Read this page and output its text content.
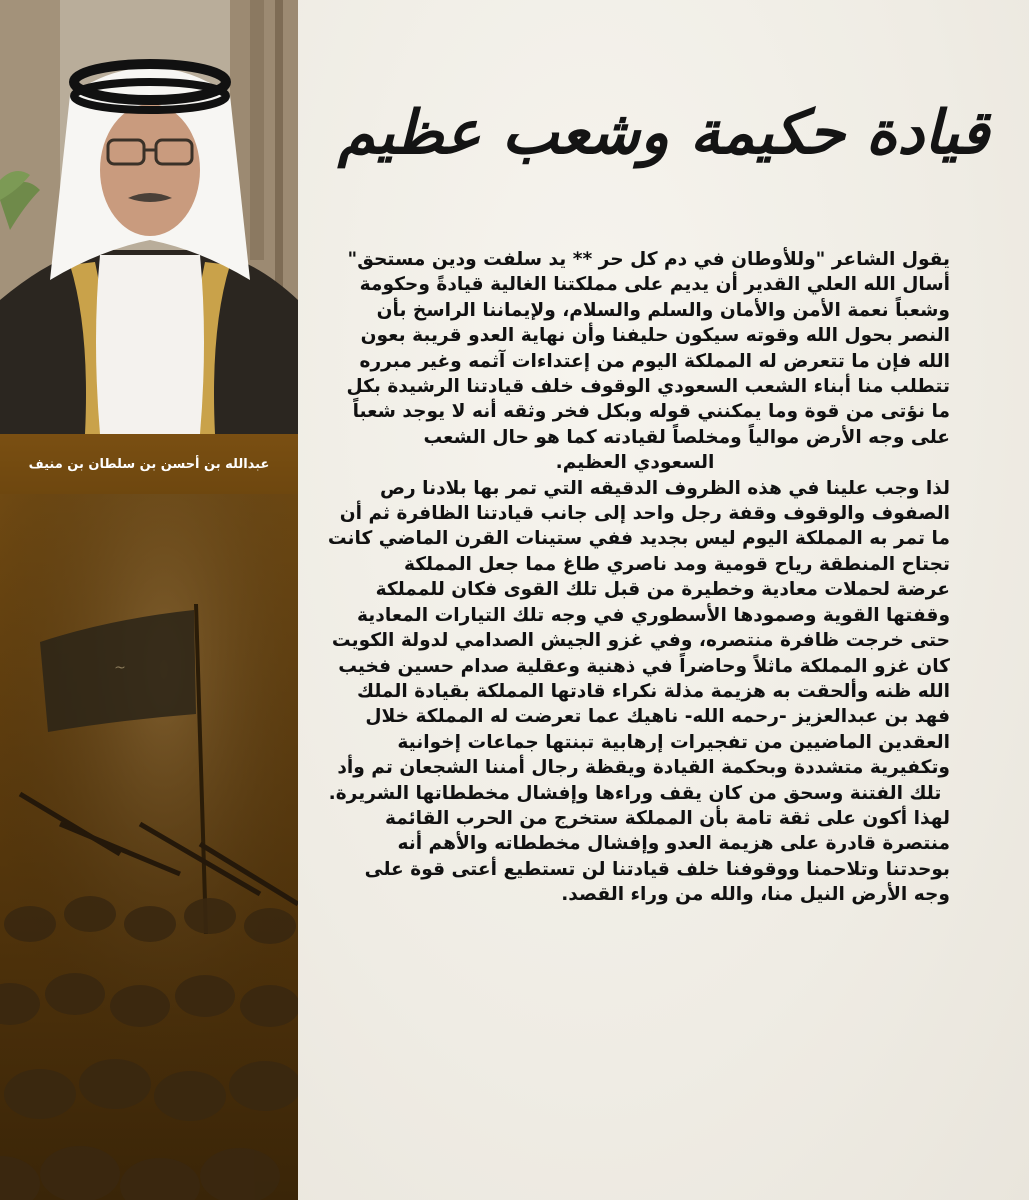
عبدالله بن أحسن بن سلطان بن منيف
~
قيادة حكيمة وشعب عظيم
يقول الشاعر "وللأوطان في دم كل حر ** يد سلفت ودين مستحق"
أسال الله العلي القدير أن يديم على مملكتنا الغالية قيادةً وحكومة
وشعباً نعمة الأمن والأمان والسلم والسلام، ولإيماننا الراسخ بأن
النصر بحول الله وقوته سيكون حليفنا وأن نهاية العدو قريبة بعون
الله فإن ما تتعرض له المملكة اليوم من إعتداءات آثمه وغير مبرره
تتطلب منا أبناء الشعب السعودي الوقوف خلف قيادتنا الرشيدة بكل
ما نؤتى من قوة وما يمكنني قوله وبكل فخر وثقه أنه لا يوجد شعباً
على وجه الأرض موالياً ومخلصاً لقيادته كما هو حال الشعب
السعودي العظيم.
لذا وجب علينا في هذه الظروف الدقيقه التي تمر بها بلادنا رص
الصفوف والوقوف وقفة رجل واحد إلى جانب قيادتنا الظافرة ثم أن
ما تمر به المملكة اليوم ليس بجديد ففي ستينات القرن الماضي كانت
تجتاح المنطقة رياح قومية ومد ناصري طاغ مما جعل المملكة
عرضة لحملات معادية وخطيرة من قبل تلك القوى فكان للمملكة
وقفتها القوية وصمودها الأسطوري في وجه تلك التيارات المعادية
حتى خرجت ظافرة منتصره، وفي غزو الجيش الصدامي لدولة الكويت
كان غزو المملكة ماثلاً وحاضراً في ذهنية وعقلية صدام حسين فخيب
الله ظنه وألحقت به هزيمة مذلة نكراء قادتها المملكة بقيادة الملك
فهد بن عبدالعزيز -رحمه الله- ناهيك عما تعرضت له المملكة خلال
العقدين الماضيين من تفجيرات إرهابية تبنتها جماعات إخوانية
وتكفيرية متشددة وبحكمة القيادة ويقظة رجال أمننا الشجعان تم وأد
تلك الفتنة وسحق من كان يقف وراءها وإفشال مخططاتها الشريرة.
لهذا أكون على ثقة تامة بأن المملكة ستخرج من الحرب القائمة
منتصرة قادرة على هزيمة العدو وإفشال مخططاته والأهم أنه
بوحدتنا وتلاحمنا ووقوفنا خلف قيادتنا لن تستطيع أعتى قوة على
وجه الأرض النيل منا، والله من وراء القصد.
